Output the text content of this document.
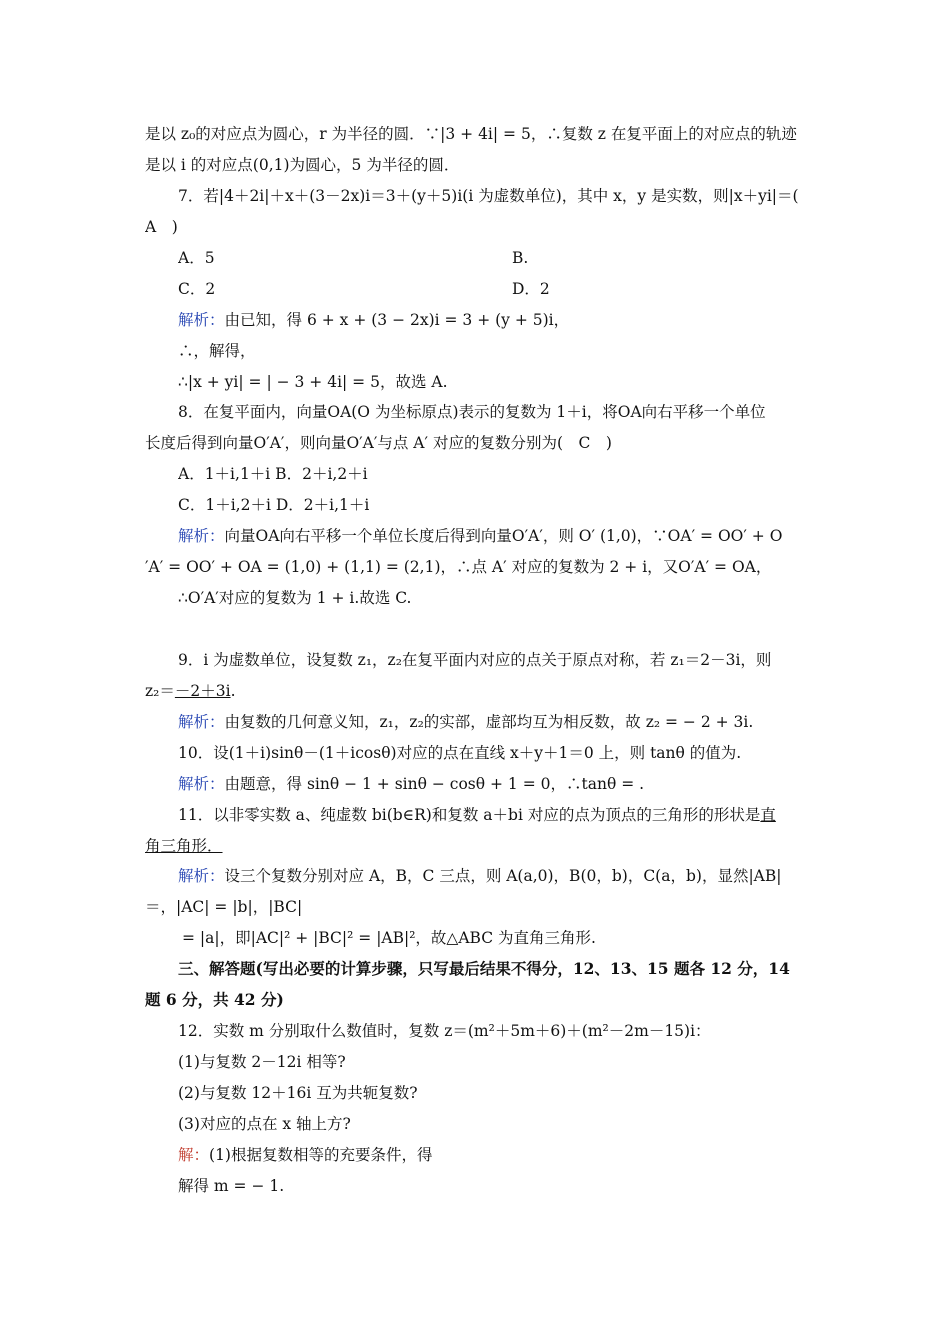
是以 z₀的对应点为圆心，r 为半径的圆．∵|3 + 4i| = 5，∴复数 z 在复平面上的对应点的轨迹
是以 i 的对应点(0,1)为圆心，5 为半径的圆．
7．若|4＋2i|＋x＋(3－2x)i＝3＋(y＋5)i(i 为虚数单位)，其中 x，y 是实数，则|x＋yi|＝(
A　)
A．5	B.
C．2	D．2
解析：由已知，得 6 + x + (3 − 2x)i = 3 + (y + 5)i，
∴，解得，
∴|x + yi| = | − 3 + 4i| = 5，故选 A.
8．在复平面内，向量OA(O 为坐标原点)表示的复数为 1＋i，将OA向右平移一个单位
长度后得到向量O′A′，则向量O′A′与点 A′ 对应的复数分别为(　C　)
A．1＋i,1＋i B．2＋i,2＋i
C．1＋i,2＋i D．2＋i,1＋i
解析：向量OA向右平移一个单位长度后得到向量O′A′，则 O′ (1,0)，∵OA′ = OO′ + O
′A′ = OO′ + OA = (1,0) + (1,1) = (2,1)，∴点 A′ 对应的复数为 2 + i，又O′A′ = OA，
∴O′A′对应的复数为 1 + i.故选 C.
9．i 为虚数单位，设复数 z₁，z₂在复平面内对应的点关于原点对称，若 z₁＝2－3i，则
z₂＝－2＋3i.
解析：由复数的几何意义知，z₁，z₂的实部，虚部均互为相反数，故 z₂ = − 2 + 3i.
10．设(1＋i)sinθ－(1＋icosθ)对应的点在直线 x＋y＋1＝0 上，则 tanθ 的值为.
解析：由题意，得 sinθ − 1 + sinθ − cosθ + 1 = 0，∴tanθ = .
11．以非零实数 a、纯虚数 bi(b∈R)和复数 a＋bi 对应的点为顶点的三角形的形状是直
角三角形．
解析：设三个复数分别对应 A，B，C 三点，则 A(a,0)，B(0，b)，C(a，b)，显然|AB|
＝，|AC| = |b|，|BC|
= |a|，即|AC|² + |BC|² = |AB|²，故△ABC 为直角三角形.
三、解答题(写出必要的计算步骤，只写最后结果不得分，12、13、15 题各 12 分，14
题 6 分，共 42 分)
12．实数 m 分别取什么数值时，复数 z＝(m²＋5m＋6)＋(m²－2m－15)i：
(1)与复数 2－12i 相等?
(2)与复数 12＋16i 互为共轭复数?
(3)对应的点在 x 轴上方?
解：(1)根据复数相等的充要条件，得
解得 m = − 1.
